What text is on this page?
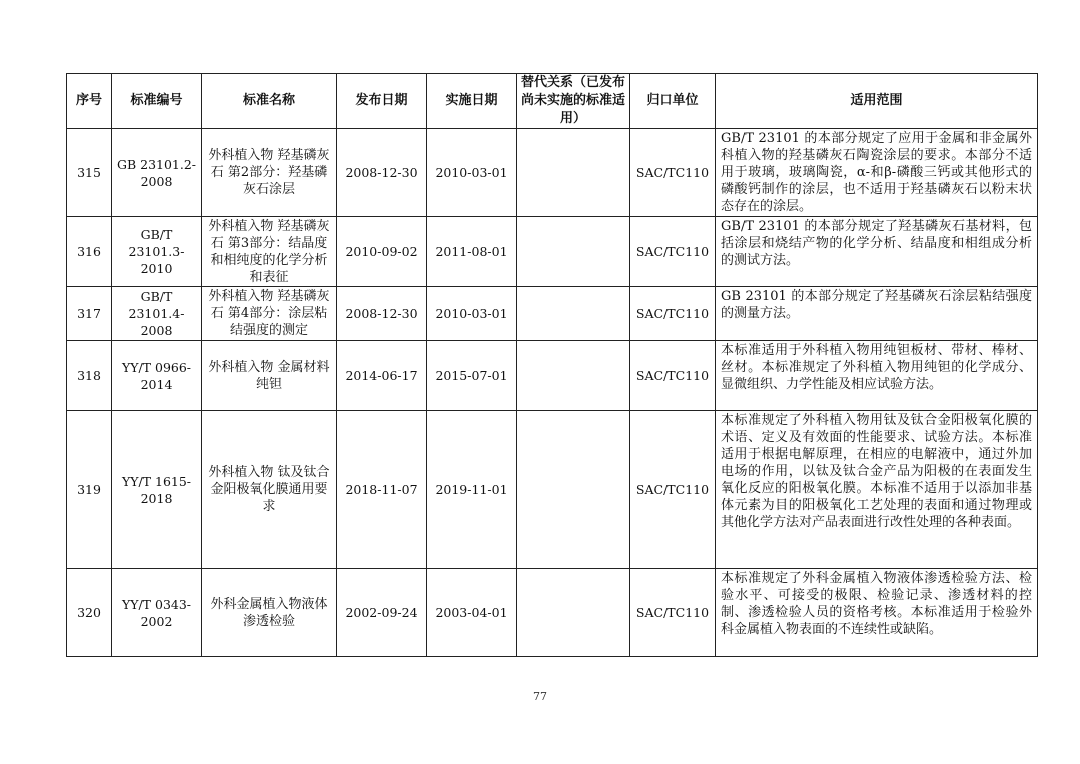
序号	标准编号	标准名称	发布日期	实施日期	替代关系（已发布尚未实施的标准适用）	归口单位	适用范围
315	GB 23101.2-2008	外科植入物 羟基磷灰石 第2部分：羟基磷灰石涂层	2008-12-30	2010-03-01		SAC/TC110	GB/T 23101 的本部分规定了应用于金属和非金属外科植入物的羟基磷灰石陶瓷涂层的要求。本部分不适用于玻璃，玻璃陶瓷，α-和β-磷酸三钙或其他形式的磷酸钙制作的涂层，也不适用于羟基磷灰石以粉末状态存在的涂层。
316	GB/T 23101.3-2010	外科植入物 羟基磷灰石 第3部分：结晶度和相纯度的化学分析和表征	2010-09-02	2011-08-01		SAC/TC110	GB/T 23101 的本部分规定了羟基磷灰石基材料，包括涂层和烧结产物的化学分析、结晶度和相组成分析的测试方法。
317	GB/T 23101.4-2008	外科植入物 羟基磷灰石 第4部分：涂层粘结强度的测定	2008-12-30	2010-03-01		SAC/TC110	GB 23101 的本部分规定了羟基磷灰石涂层粘结强度的测量方法。
318	YY/T 0966-2014	外科植入物 金属材料 纯钽	2014-06-17	2015-07-01		SAC/TC110	本标准适用于外科植入物用纯钽板材、带材、棒材、丝材。本标准规定了外科植入物用纯钽的化学成分、显微组织、力学性能及相应试验方法。
319	YY/T 1615-2018	外科植入物 钛及钛合金阳极氧化膜通用要求	2018-11-07	2019-11-01		SAC/TC110	本标准规定了外科植入物用钛及钛合金阳极氧化膜的术语、定义及有效面的性能要求、试验方法。本标准适用于根据电解原理，在相应的电解液中，通过外加电场的作用，以钛及钛合金产品为阳极的在表面发生氧化反应的阳极氧化膜。本标准不适用于以添加非基体元素为目的阳极氧化工艺处理的表面和通过物理或其他化学方法对产品表面进行改性处理的各种表面。
320	YY/T 0343-2002	外科金属植入物液体渗透检验	2002-09-24	2003-04-01		SAC/TC110	本标准规定了外科金属植入物液体渗透检验方法、检验水平、可接受的极限、检验记录、渗透材料的控制、渗透检验人员的资格考核。本标准适用于检验外科金属植入物表面的不连续性或缺陷。
77
